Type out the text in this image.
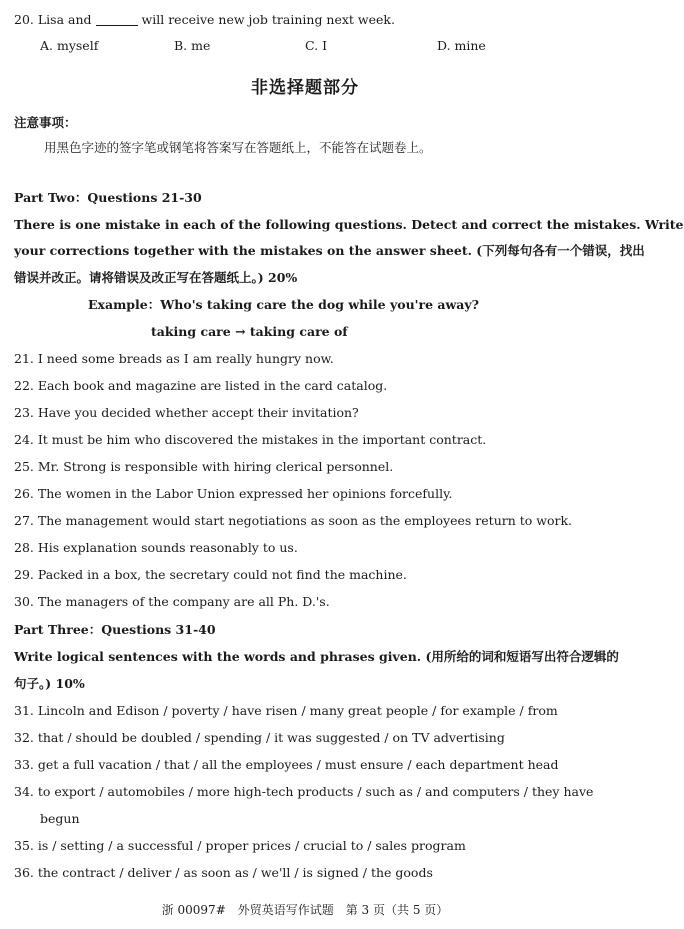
20. Lisa and	will receive new job training next week.
A. myself	B. me	C. I	D. mine
非选择题部分
注意事项：
用黑色字迹的签字笔或钢笔将答案写在答题纸上，不能答在试题卷上。
Part Two：Questions 21-30
There is one mistake in each of the following questions. Detect and correct the mistakes. Write
your corrections together with the mistakes on the answer sheet. (下列每句各有一个错误，找出
错误并改正。请将错误及改正写在答题纸上。) 20%
Example：Who's taking care the dog while you're away?
taking care → taking care of
21. I need some breads as I am really hungry now.
22. Each book and magazine are listed in the card catalog.
23. Have you decided whether accept their invitation?
24. It must be him who discovered the mistakes in the important contract.
25. Mr. Strong is responsible with hiring clerical personnel.
26. The women in the Labor Union expressed her opinions forcefully.
27. The management would start negotiations as soon as the employees return to work.
28. His explanation sounds reasonably to us.
29. Packed in a box, the secretary could not find the machine.
30. The managers of the company are all Ph. D.'s.
Part Three：Questions 31-40
Write logical sentences with the words and phrases given. (用所给的词和短语写出符合逻辑的
句子。) 10%
31. Lincoln and Edison / poverty / have risen / many great people / for example / from
32. that / should be doubled / spending / it was suggested / on TV advertising
33. get a full vacation / that / all the employees / must ensure / each department head
34. to export / automobiles / more high-tech products / such as / and computers / they have
begun
35. is / setting / a successful / proper prices / crucial to / sales program
36. the contract / deliver / as soon as / we'll / is signed / the goods
浙 00097#　外贸英语写作试题　第 3 页（共 5 页）
